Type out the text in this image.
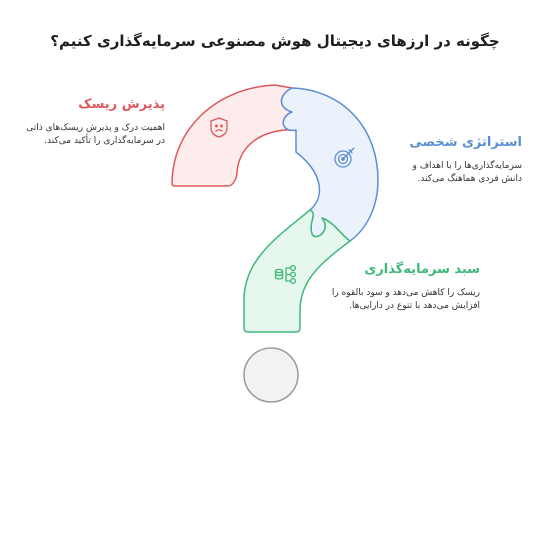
چگونه در ارزهای دیجیتال هوش مصنوعی سرمایه‌گذاری کنیم؟

پذیرش ریسک

اهمیت درک و پذیرش ریسک‌های ذاتی در سرمایه‌گذاری را تأکید می‌کند.	استراتژی شخصی

سرمایه‌گذاری‌ها را با اهداف و دانش فردی هماهنگ می‌کند.

سبد سرمایه‌گذاری

ریسک را کاهش می‌دهد و سود بالقوه را افزایش می‌دهد با تنوع در دارایی‌ها.
